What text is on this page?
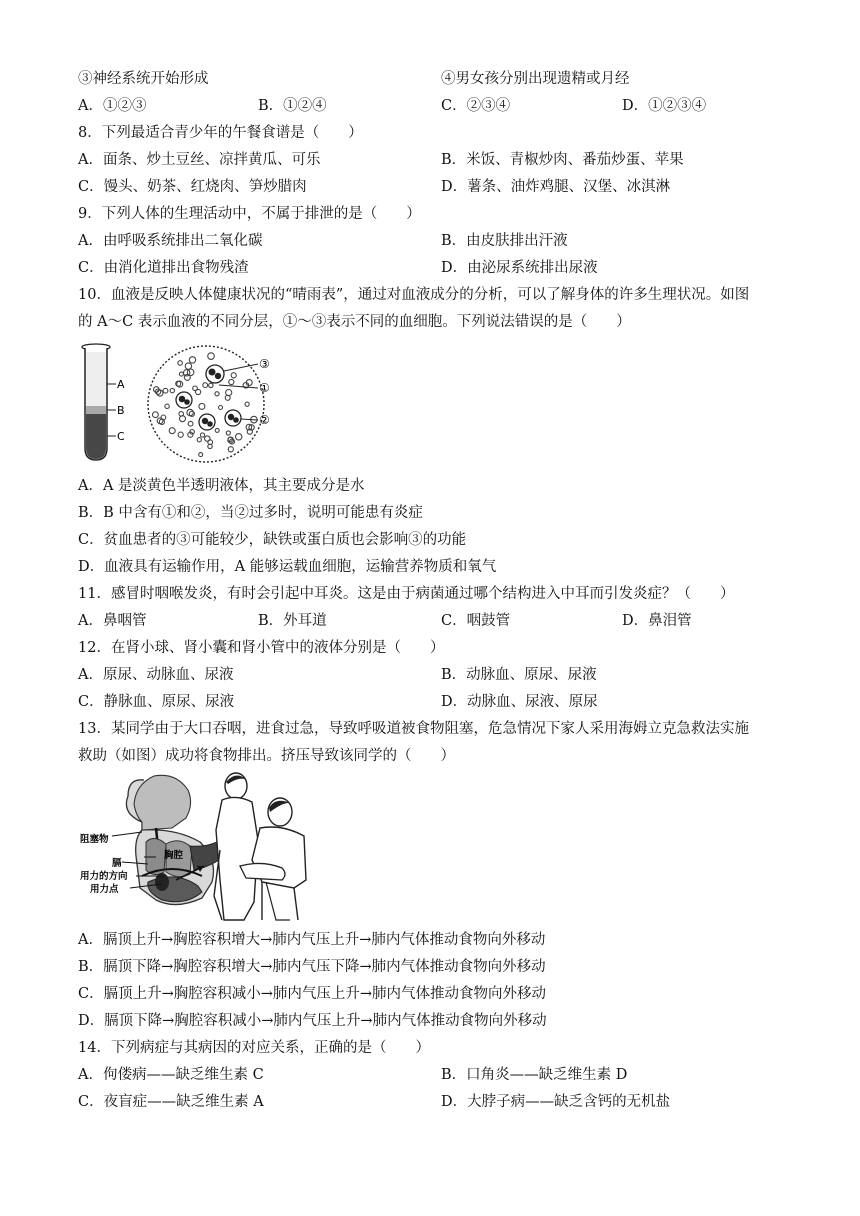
③神经系统开始形成	④男女孩分别出现遗精或月经
A．①②③	B．①②④	C．②③④	D．①②③④
8．下列最适合青少年的午餐食谱是（　　）
A．面条、炒土豆丝、凉拌黄瓜、可乐	B．米饭、青椒炒肉、番茄炒蛋、苹果
C．馒头、奶茶、红烧肉、笋炒腊肉	D．薯条、油炸鸡腿、汉堡、冰淇淋
9．下列人体的生理活动中，不属于排泄的是（　　）
A．由呼吸系统排出二氧化碳	B．由皮肤排出汗液
C．由消化道排出食物残渣	D．由泌尿系统排出尿液
10．血液是反映人体健康状况的“晴雨表”，通过对血液成分的分析，可以了解身体的许多生理状况。如图
的 A～C 表示血液的不同分层，①～③表示不同的血细胞。下列说法错误的是（　　）
A
B
C
③
①
②
A．A 是淡黄色半透明液体，其主要成分是水
B．B 中含有①和②，当②过多时，说明可能患有炎症
C．贫血患者的③可能较少，缺铁或蛋白质也会影响③的功能
D．血液具有运输作用，A 能够运载血细胞，运输营养物质和氧气
11．感冒时咽喉发炎，有时会引起中耳炎。这是由于病菌通过哪个结构进入中耳而引发炎症？（　　）
A．鼻咽管	B．外耳道	C．咽鼓管	D．鼻泪管
12．在肾小球、肾小囊和肾小管中的液体分别是（　　）
A．原尿、动脉血、尿液	B．动脉血、原尿、尿液
C．静脉血、原尿、尿液	D．动脉血、尿液、原尿
13．某同学由于大口吞咽，进食过急，导致呼吸道被食物阻塞，危急情况下家人采用海姆立克急救法实施
救助（如图）成功将食物排出。挤压导致该同学的（　　）
阻塞物
胸腔
膈
用力的方向
用力点
A．膈顶上升→胸腔容积增大→肺内气压上升→肺内气体推动食物向外移动
B．膈顶下降→胸腔容积增大→肺内气压下降→肺内气体推动食物向外移动
C．膈顶上升→胸腔容积减小→肺内气压上升→肺内气体推动食物向外移动
D．膈顶下降→胸腔容积减小→肺内气压上升→肺内气体推动食物向外移动
14．下列病症与其病因的对应关系，正确的是（　　）
A．佝偻病——缺乏维生素 C	B．口角炎——缺乏维生素 D
C．夜盲症——缺乏维生素 A	D．大脖子病——缺乏含钙的无机盐
